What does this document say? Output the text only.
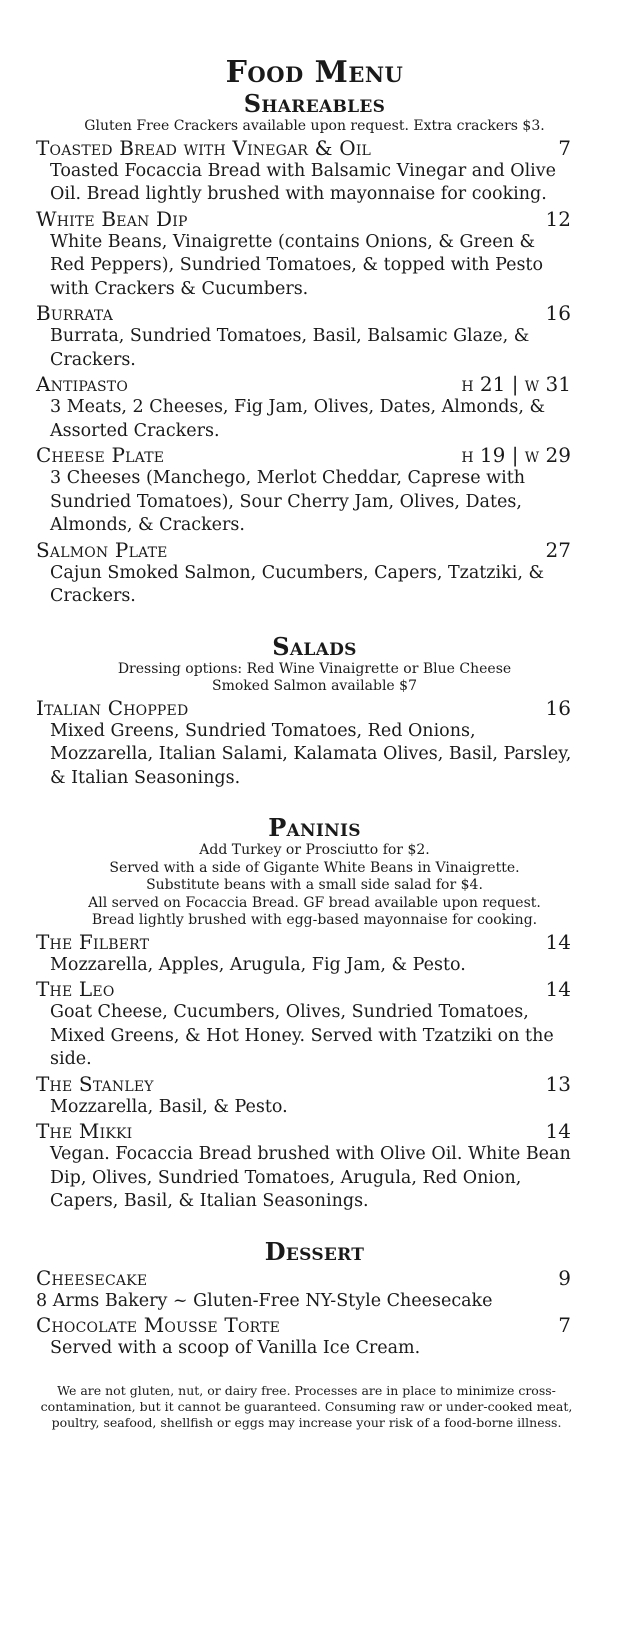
Food Menu
Shareables

Gluten Free Crackers available upon request. Extra crackers $3.

Toasted Bread with Vinegar & Oil	7

Toasted Focaccia Bread with Balsamic Vinegar and Olive Oil. Bread lightly brushed with mayonnaise for cooking.

White Bean Dip	12

White Beans, Vinaigrette (contains Onions, & Green & Red Peppers), Sundried Tomatoes, & topped with Pesto with Crackers & Cucumbers.

Burrata	16

Burrata, Sundried Tomatoes, Basil, Balsamic Glaze, & Crackers.

Antipasto	h 21 | w 31

3 Meats, 2 Cheeses, Fig Jam, Olives, Dates, Almonds, & Assorted Crackers.

Cheese Plate	h 19 | w 29

3 Cheeses (Manchego, Merlot Cheddar, Caprese with Sundried Tomatoes), Sour Cherry Jam, Olives, Dates, Almonds, & Crackers.

Salmon Plate	27

Cajun Smoked Salmon, Cucumbers, Capers, Tzatziki, & Crackers.

Salads

Dressing options: Red Wine Vinaigrette or Blue Cheese

Smoked Salmon available $7

Italian Chopped	16

Mixed Greens, Sundried Tomatoes, Red Onions, Mozzarella, Italian Salami, Kalamata Olives, Basil, Parsley, & Italian Seasonings.

Paninis

Add Turkey or Prosciutto for $2.

Served with a side of Gigante White Beans in Vinaigrette.

Substitute beans with a small side salad for $4.

All served on Focaccia Bread. GF bread available upon request.

Bread lightly brushed with egg-based mayonnaise for cooking.

The Filbert	14

Mozzarella, Apples, Arugula, Fig Jam, & Pesto.

The Leo	14

Goat Cheese, Cucumbers, Olives, Sundried Tomatoes, Mixed Greens, & Hot Honey. Served with Tzatziki on the side.

The Stanley	13

Mozzarella, Basil, & Pesto.

The Mikki	14

Vegan. Focaccia Bread brushed with Olive Oil. White Bean Dip, Olives, Sundried Tomatoes, Arugula, Red Onion, Capers, Basil, & Italian Seasonings.

Dessert
Cheesecake	9

8 Arms Bakery ~ Gluten-Free NY-Style Cheesecake

Chocolate Mousse Torte	7

Served with a scoop of Vanilla Ice Cream.

We are not gluten, nut, or dairy free. Processes are in place to minimize cross-contamination, but it cannot be guaranteed. Consuming raw or under-cooked meat, poultry, seafood, shellfish or eggs may increase your risk of a food-borne illness.
